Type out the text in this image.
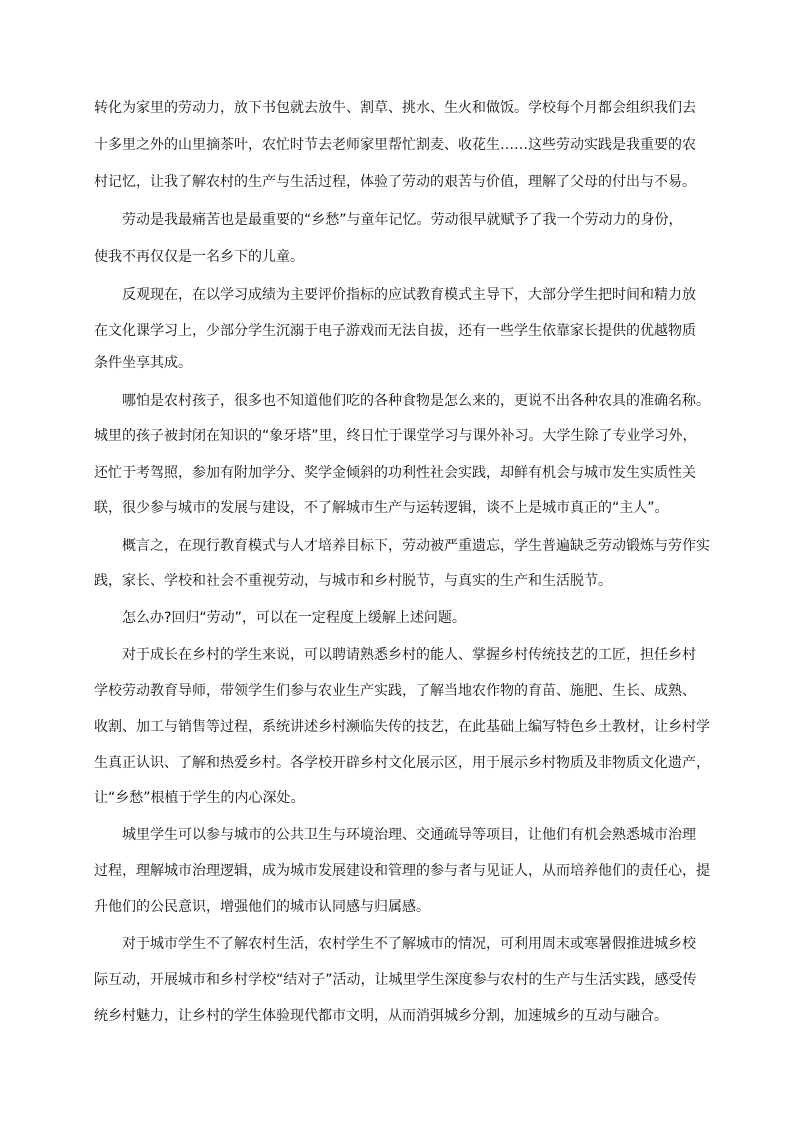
转化为家里的劳动力，放下书包就去放牛、割草、挑水、生火和做饭。学校每个月都会组织我们去
十多里之外的山里摘茶叶，农忙时节去老师家里帮忙割麦、收花生……这些劳动实践是我重要的农
村记忆，让我了解农村的生产与生活过程，体验了劳动的艰苦与价值，理解了父母的付出与不易。
劳动是我最痛苦也是最重要的“乡愁”与童年记忆。劳动很早就赋予了我一个劳动力的身份，
使我不再仅仅是一名乡下的儿童。
反观现在，在以学习成绩为主要评价指标的应试教育模式主导下，大部分学生把时间和精力放
在文化课学习上，少部分学生沉溺于电子游戏而无法自拔，还有一些学生依靠家长提供的优越物质
条件坐享其成。
哪怕是农村孩子，很多也不知道他们吃的各种食物是怎么来的，更说不出各种农具的准确名称。
城里的孩子被封闭在知识的“象牙塔”里，终日忙于课堂学习与课外补习。大学生除了专业学习外，
还忙于考驾照，参加有附加学分、奖学金倾斜的功利性社会实践，却鲜有机会与城市发生实质性关
联，很少参与城市的发展与建设，不了解城市生产与运转逻辑，谈不上是城市真正的“主人”。
概言之，在现行教育模式与人才培养目标下，劳动被严重遗忘，学生普遍缺乏劳动锻炼与劳作实
践，家长、学校和社会不重视劳动，与城市和乡村脱节，与真实的生产和生活脱节。
怎么办?回归“劳动”，可以在一定程度上缓解上述问题。
对于成长在乡村的学生来说，可以聘请熟悉乡村的能人、掌握乡村传统技艺的工匠，担任乡村
学校劳动教育导师，带领学生们参与农业生产实践，了解当地农作物的育苗、施肥、生长、成熟、
收割、加工与销售等过程，系统讲述乡村濒临失传的技艺，在此基础上编写特色乡土教材，让乡村学
生真正认识、了解和热爱乡村。各学校开辟乡村文化展示区，用于展示乡村物质及非物质文化遗产，
让“乡愁”根植于学生的内心深处。
城里学生可以参与城市的公共卫生与环境治理、交通疏导等项目，让他们有机会熟悉城市治理
过程，理解城市治理逻辑，成为城市发展建设和管理的参与者与见证人，从而培养他们的责任心，提
升他们的公民意识，增强他们的城市认同感与归属感。
对于城市学生不了解农村生活，农村学生不了解城市的情况，可利用周末或寒暑假推进城乡校
际互动，开展城市和乡村学校“结对子”活动，让城里学生深度参与农村的生产与生活实践，感受传
统乡村魅力，让乡村的学生体验现代都市文明，从而消弭城乡分割，加速城乡的互动与融合。
